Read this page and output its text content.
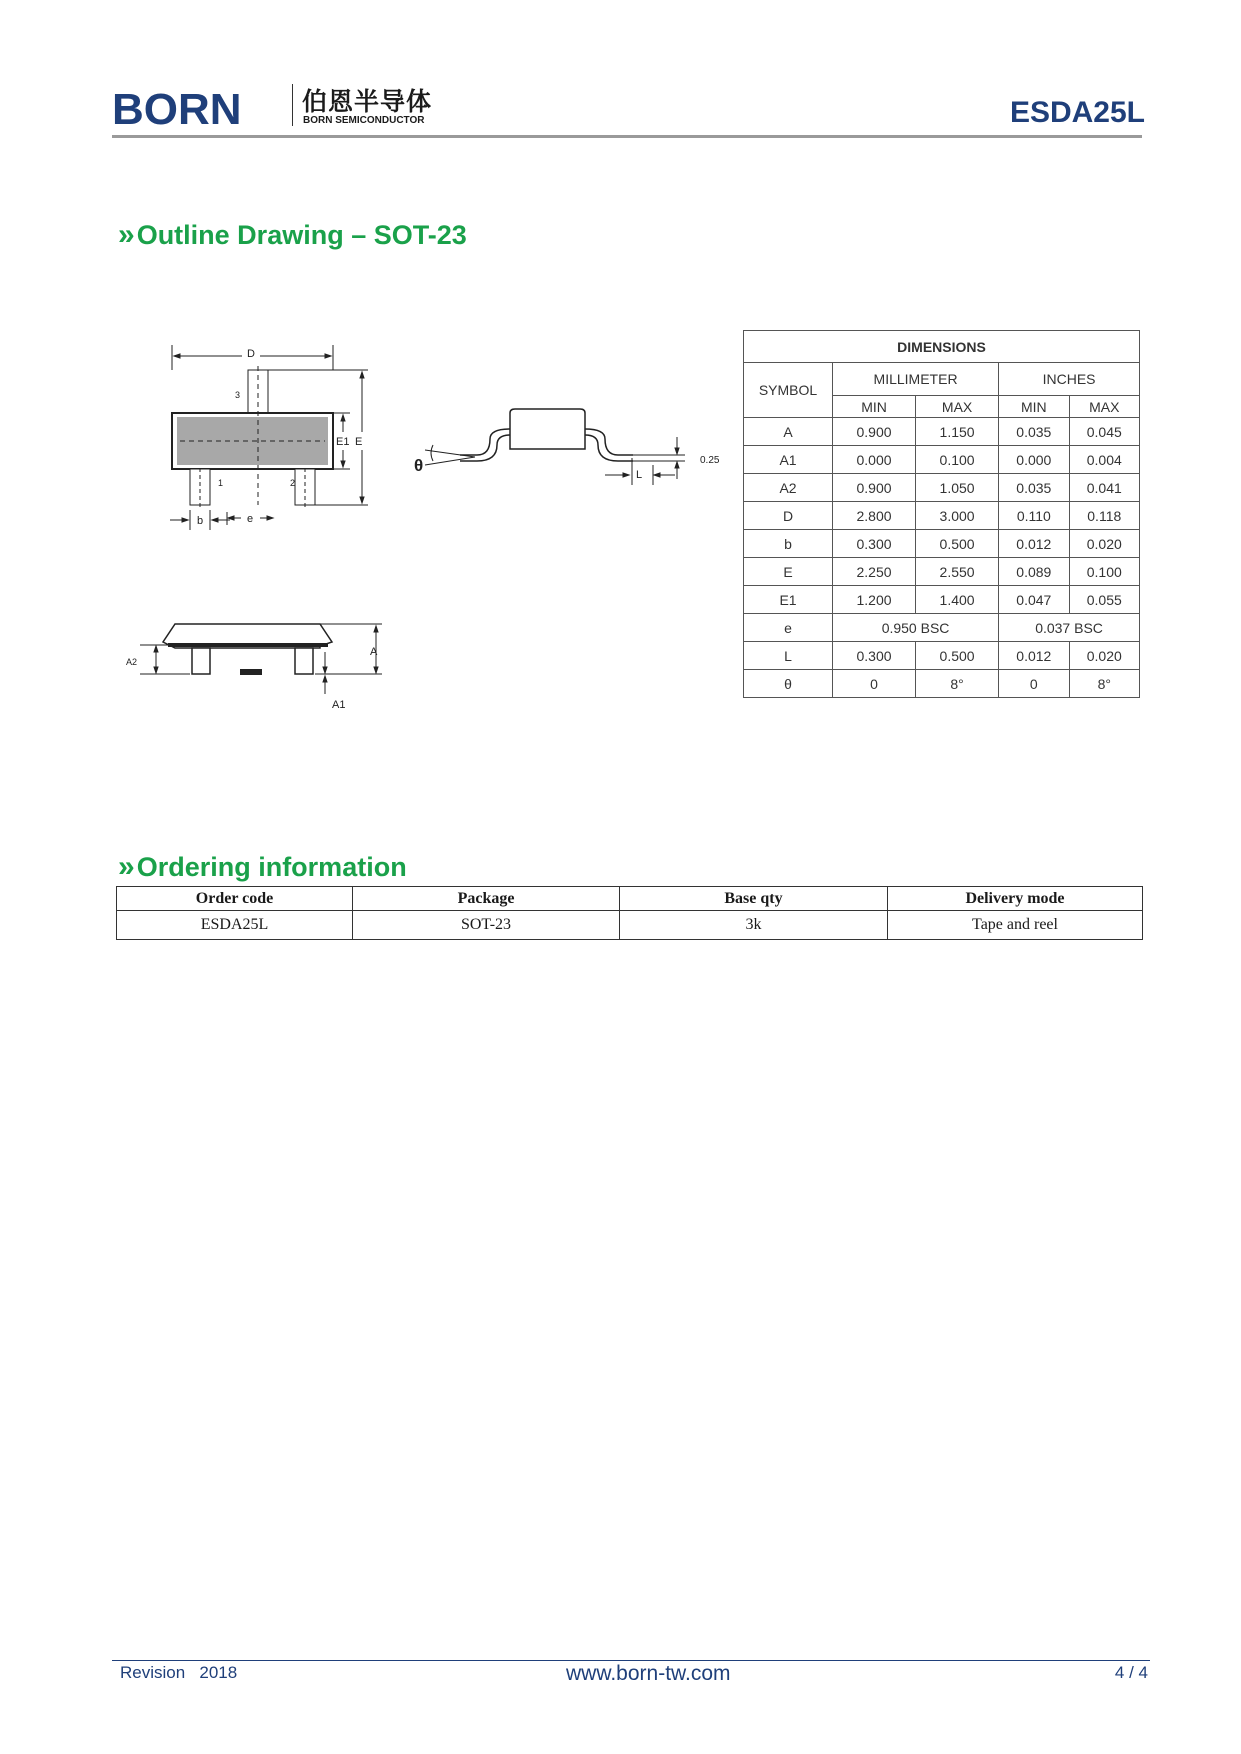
BORN 伯恩半导体
BORN SEMICONDUCTOR	ESDA25L
»Outline Drawing – SOT-23
D
3
1	2
E1 E
b	e
θ	0.25
L
A2
A
A1
DIMENSIONS				
SYMBOL	MILLIMETER		INCHES	
	MIN	MAX	MIN	MAX
A	0.900	1.150	0.035	0.045
A1	0.000	0.100	0.000	0.004
A2	0.900	1.050	0.035	0.041
D	2.800	3.000	0.110	0.118
b	0.300	0.500	0.012	0.020
E	2.250	2.550	0.089	0.100
E1	1.200	1.400	0.047	0.055
e	0.950 BSC		0.037 BSC	
L	0.300	0.500	0.012	0.020
θ	0	8°	0	8°
»Ordering information
Order code	Package	Base qty	Delivery mode
ESDA25L	SOT-23	3k	Tape and reel
Revision   2018	www.born-tw.com	4 / 4
